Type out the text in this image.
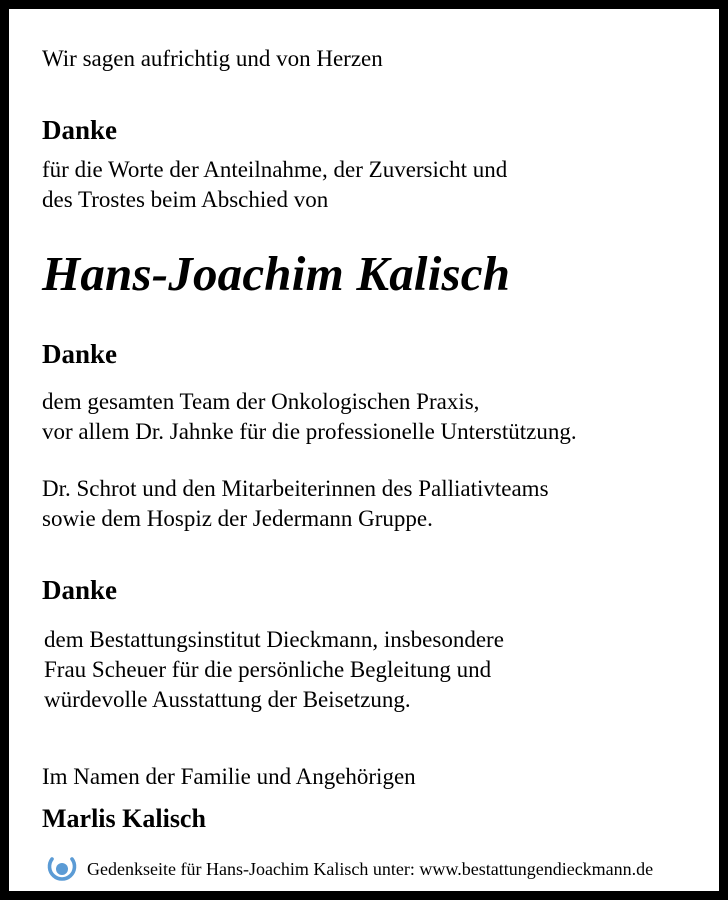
Wir sagen aufrichtig und von Herzen
Danke
für die Worte der Anteilnahme, der Zuversicht und
des Trostes beim Abschied von
Hans-Joachim Kalisch
Danke
dem gesamten Team der Onkologischen Praxis,
vor allem Dr. Jahnke für die professionelle Unterstützung.
Dr. Schrot und den Mitarbeiterinnen des Palliativteams
sowie dem Hospiz der Jedermann Gruppe.
Danke
dem Bestattungsinstitut Dieckmann, insbesondere
Frau Scheuer für die persönliche Begleitung und
würdevolle Ausstattung der Beisetzung.
Im Namen der Familie und Angehörigen
Marlis Kalisch
Gedenkseite für Hans-Joachim Kalisch unter: www.bestattungendieckmann.de
